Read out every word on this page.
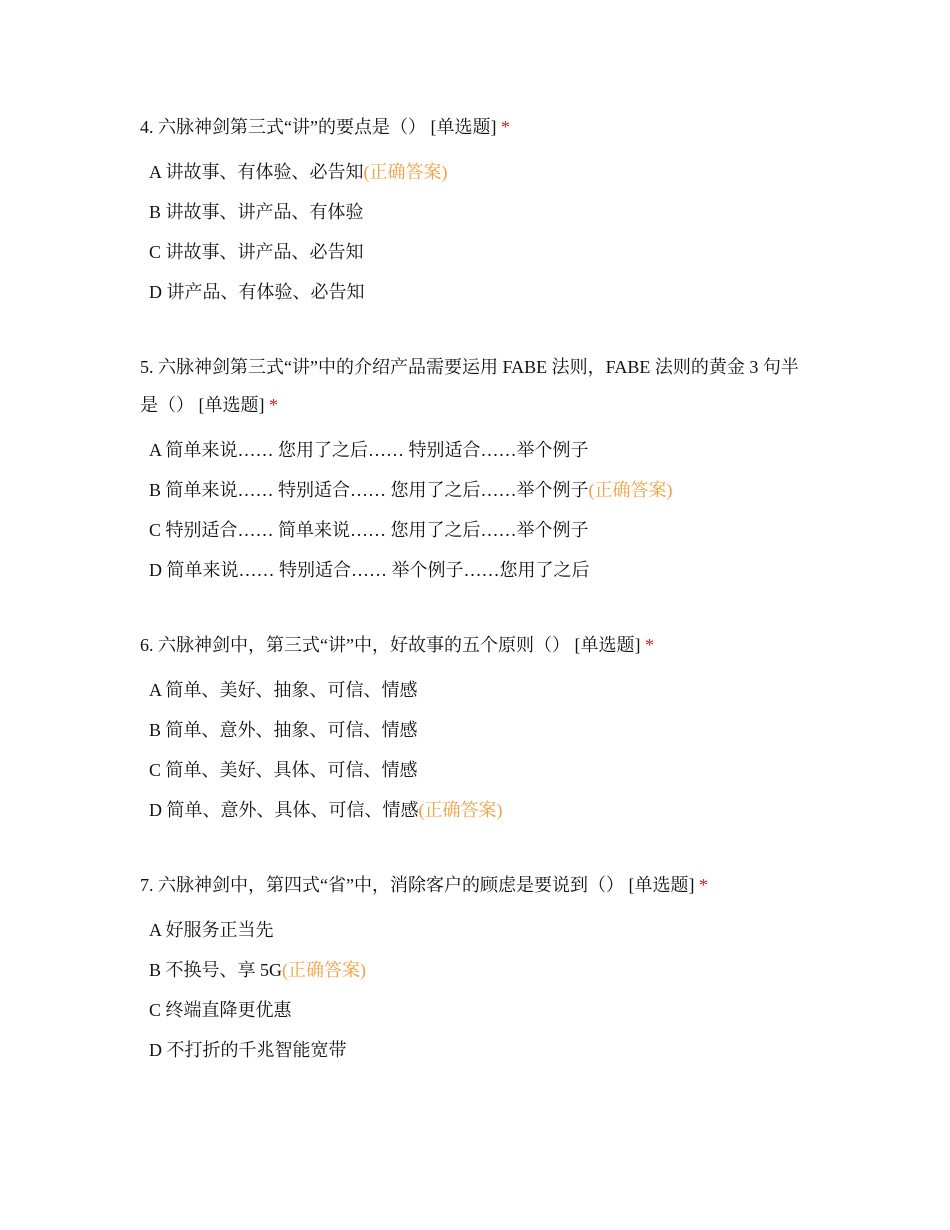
4. 六脉神剑第三式“讲”的要点是（） [单选题] *

A 讲故事、有体验、必告知(正确答案)
B 讲故事、讲产品、有体验
C 讲故事、讲产品、必告知
D 讲产品、有体验、必告知

5. 六脉神剑第三式“讲”中的介绍产品需要运用 FABE 法则，FABE 法则的黄金 3 句半是（） [单选题] *

A 简单来说…… 您用了之后…… 特别适合……举个例子
B 简单来说…… 特别适合…… 您用了之后……举个例子(正确答案)
C 特别适合…… 简单来说…… 您用了之后……举个例子
D 简单来说…… 特别适合…… 举个例子……您用了之后

6. 六脉神剑中，第三式“讲”中，好故事的五个原则（） [单选题] *

A 简单、美好、抽象、可信、情感
B 简单、意外、抽象、可信、情感
C 简单、美好、具体、可信、情感
D 简单、意外、具体、可信、情感(正确答案)

7. 六脉神剑中，第四式“省”中，消除客户的顾虑是要说到（） [单选题] *

A 好服务正当先
B 不换号、享 5G(正确答案)
C 终端直降更优惠
D 不打折的千兆智能宽带
